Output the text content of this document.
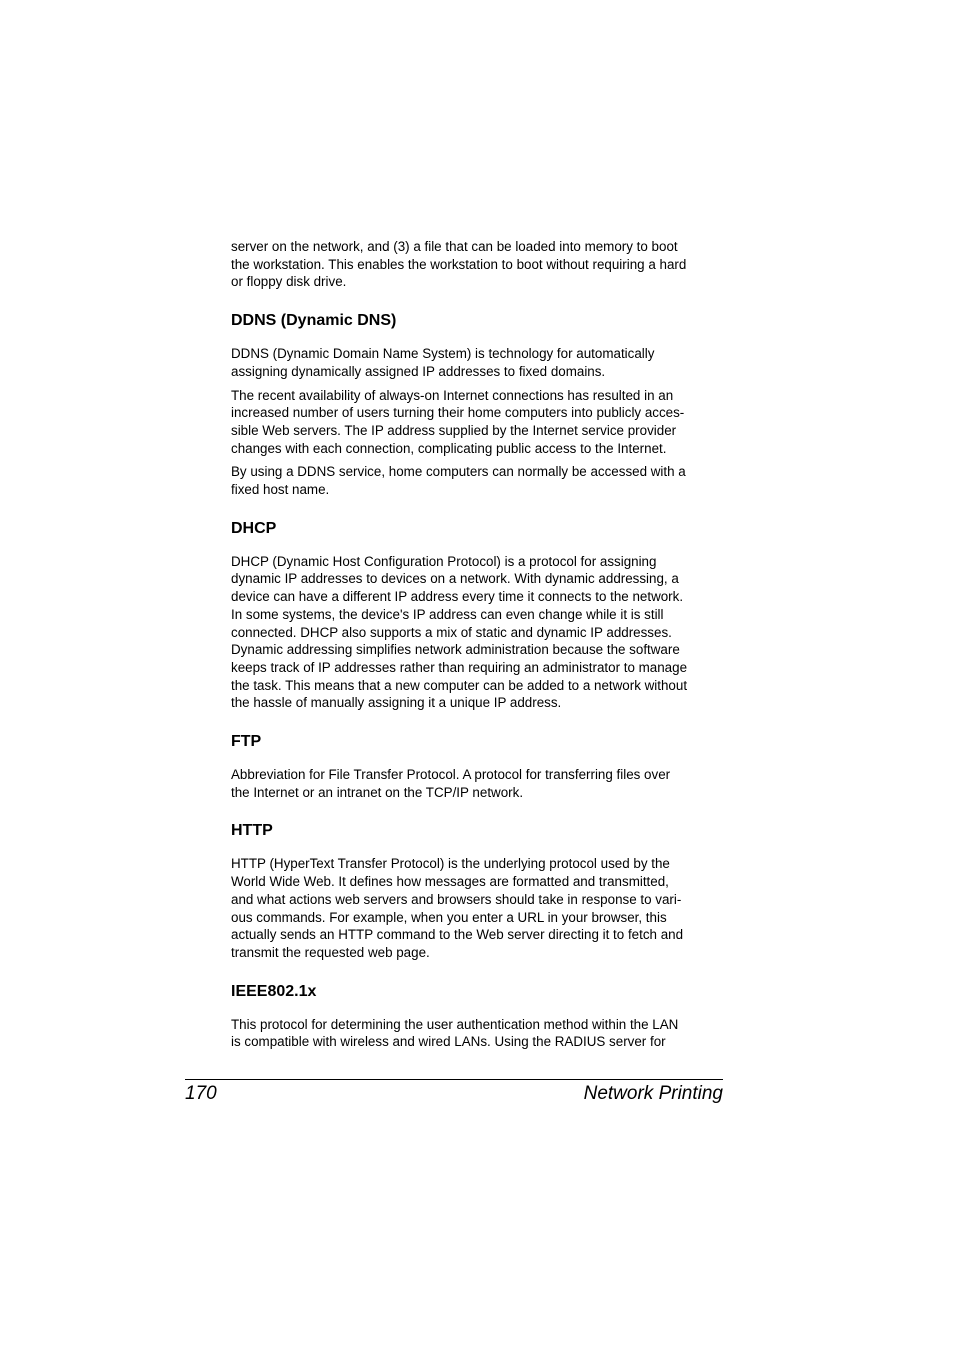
server on the network, and (3) a file that can be loaded into memory to boot
the workstation. This enables the workstation to boot without requiring a hard
or floppy disk drive.

DDNS (Dynamic DNS)

DDNS (Dynamic Domain Name System) is technology for automatically
assigning dynamically assigned IP addresses to fixed domains.

The recent availability of always-on Internet connections has resulted in an
increased number of users turning their home computers into publicly acces-
sible Web servers. The IP address supplied by the Internet service provider
changes with each connection, complicating public access to the Internet.

By using a DDNS service, home computers can normally be accessed with a
fixed host name.

DHCP

DHCP (Dynamic Host Configuration Protocol) is a protocol for assigning
dynamic IP addresses to devices on a network. With dynamic addressing, a
device can have a different IP address every time it connects to the network.
In some systems, the device's IP address can even change while it is still
connected. DHCP also supports a mix of static and dynamic IP addresses.
Dynamic addressing simplifies network administration because the software
keeps track of IP addresses rather than requiring an administrator to manage
the task. This means that a new computer can be added to a network without
the hassle of manually assigning it a unique IP address.

FTP

Abbreviation for File Transfer Protocol. A protocol for transferring files over
the Internet or an intranet on the TCP/IP network.

HTTP

HTTP (HyperText Transfer Protocol) is the underlying protocol used by the
World Wide Web. It defines how messages are formatted and transmitted,
and what actions web servers and browsers should take in response to vari-
ous commands. For example, when you enter a URL in your browser, this
actually sends an HTTP command to the Web server directing it to fetch and
transmit the requested web page.

IEEE802.1x

This protocol for determining the user authentication method within the LAN
is compatible with wireless and wired LANs. Using the RADIUS server for

170	Network Printing
